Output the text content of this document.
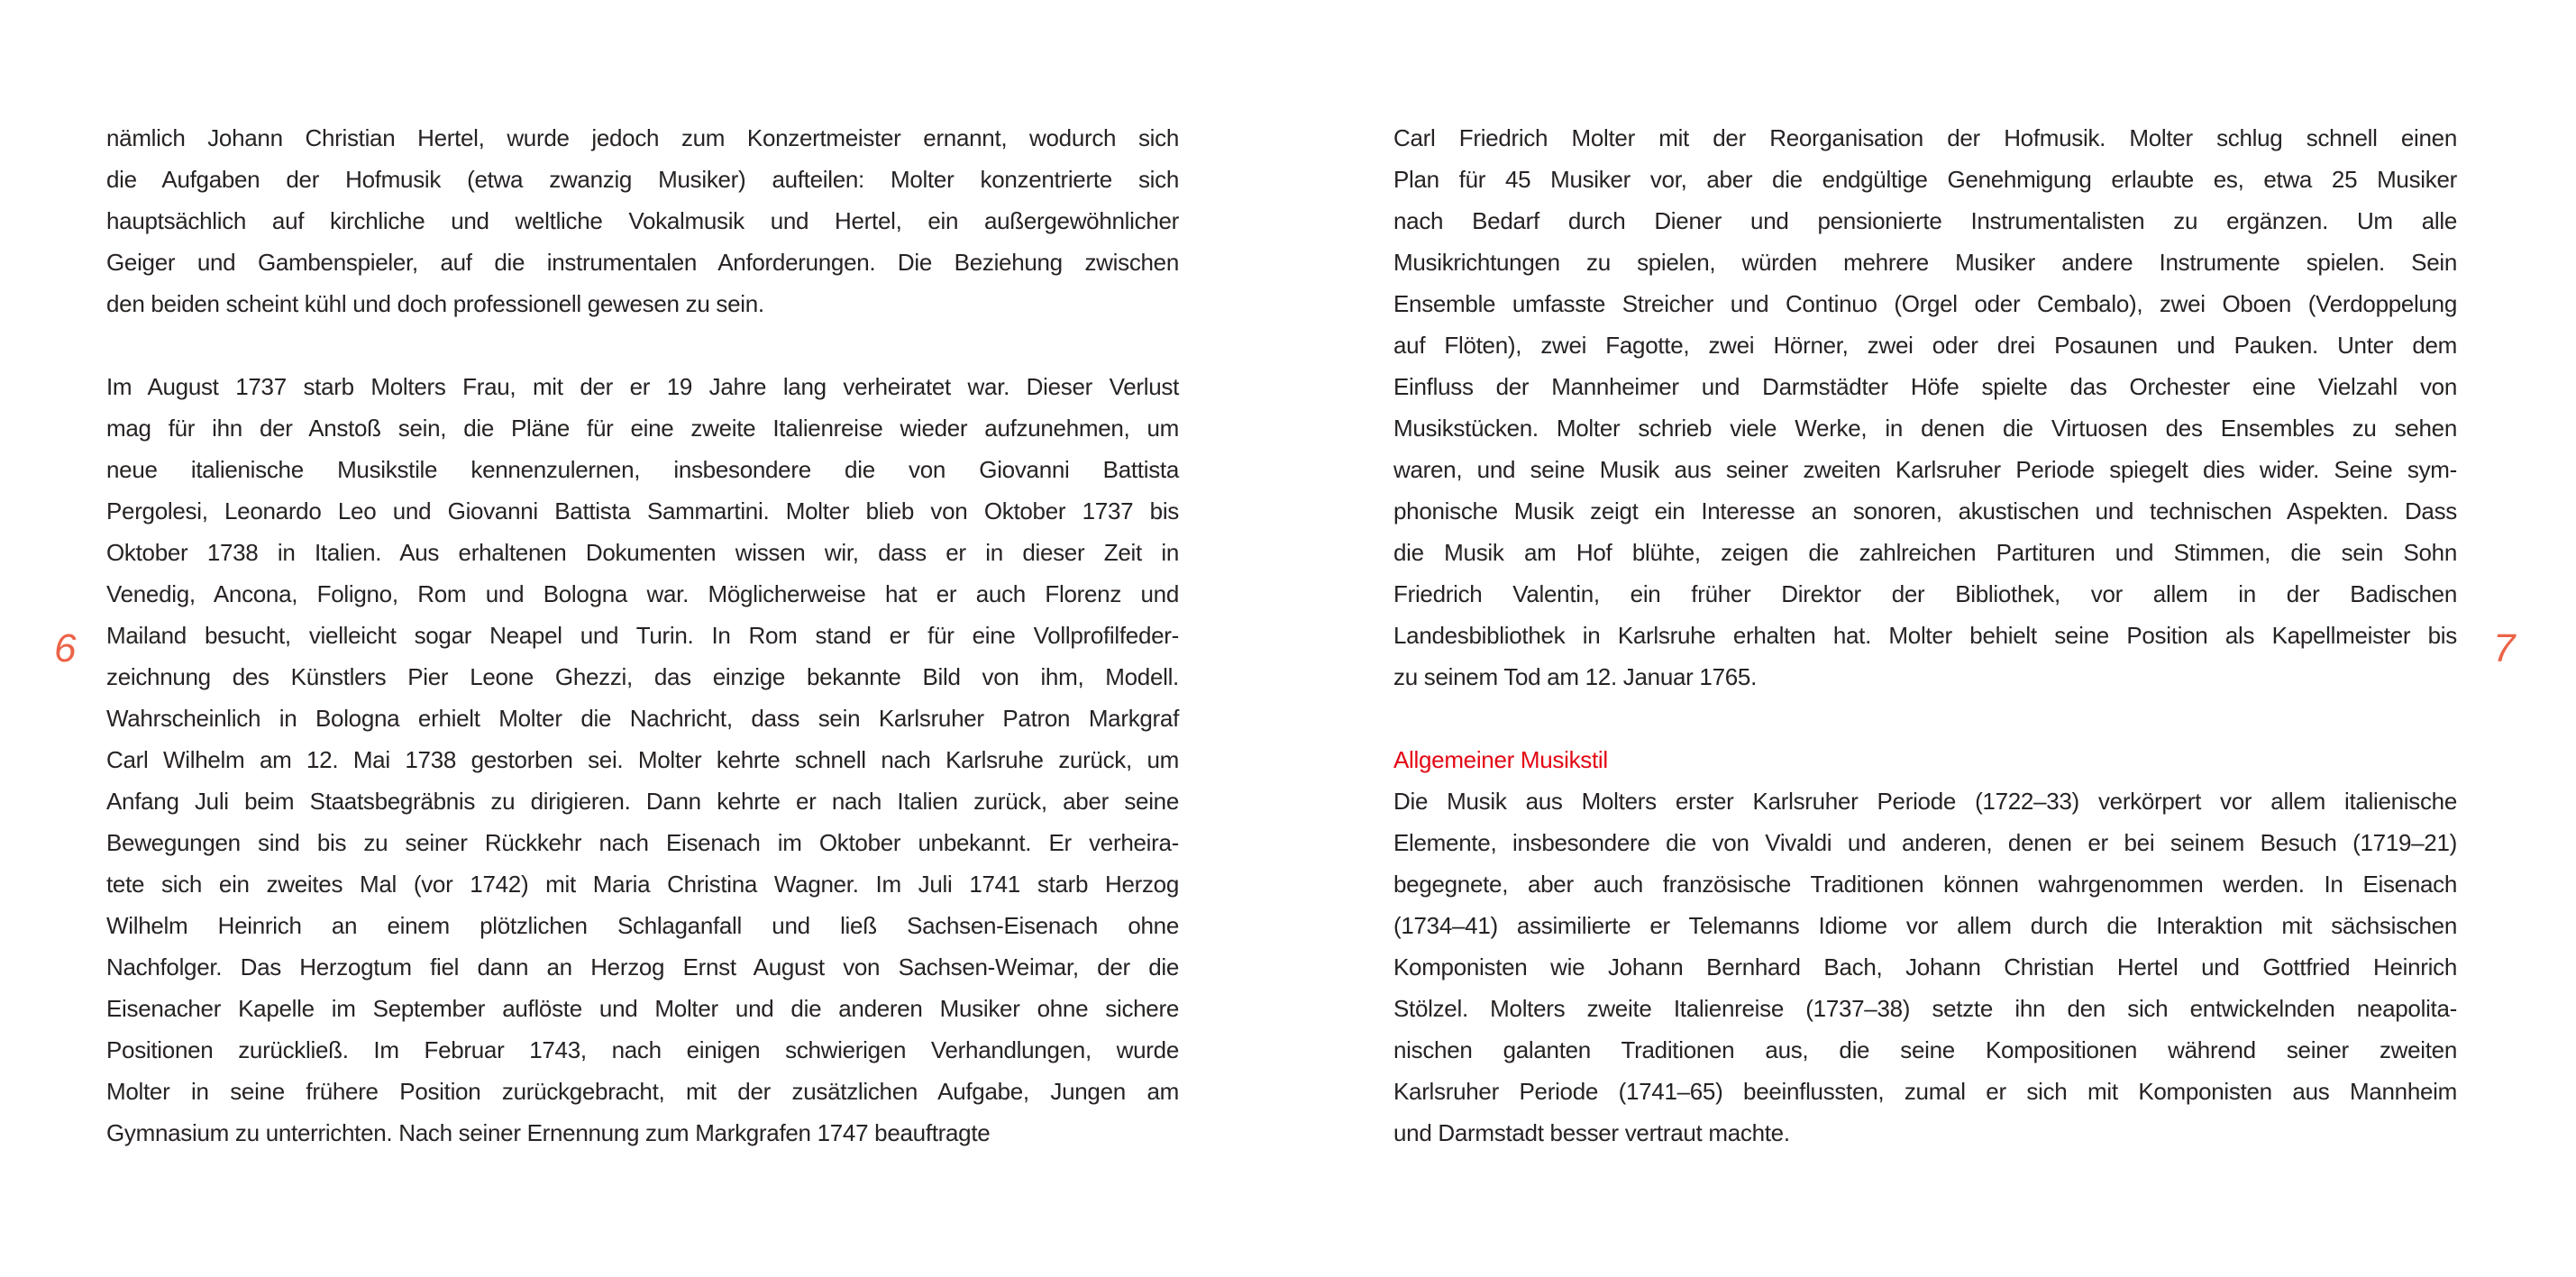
6
nämlich Johann Christian Hertel, wurde jedoch zum Konzertmeister ernannt, wodurch sich
die Aufgaben der Hofmusik (etwa zwanzig Musiker) aufteilen: Molter konzentrierte sich
hauptsächlich auf kirchliche und weltliche Vokalmusik und Hertel, ein außergewöhnlicher
Geiger und Gambenspieler, auf die instrumentalen Anforderungen. Die Beziehung zwischen
den beiden scheint kühl und doch professionell gewesen zu sein.
Im August 1737 starb Molters Frau, mit der er 19 Jahre lang verheiratet war. Dieser Verlust
mag für ihn der Anstoß sein, die Pläne für eine zweite Italienreise wieder aufzunehmen, um
neue italienische Musikstile kennenzulernen, insbesondere die von Giovanni Battista
Pergolesi, Leonardo Leo und Giovanni Battista Sammartini. Molter blieb von Oktober 1737 bis
Oktober 1738 in Italien. Aus erhaltenen Dokumenten wissen wir, dass er in dieser Zeit in
Venedig, Ancona, Foligno, Rom und Bologna war. Möglicherweise hat er auch Florenz und
Mailand besucht, vielleicht sogar Neapel und Turin. In Rom stand er für eine Vollprofilfeder-
zeichnung des Künstlers Pier Leone Ghezzi, das einzige bekannte Bild von ihm, Modell.
Wahrscheinlich in Bologna erhielt Molter die Nachricht, dass sein Karlsruher Patron Markgraf
Carl Wilhelm am 12. Mai 1738 gestorben sei. Molter kehrte schnell nach Karlsruhe zurück, um
Anfang Juli beim Staatsbegräbnis zu dirigieren. Dann kehrte er nach Italien zurück, aber seine
Bewegungen sind bis zu seiner Rückkehr nach Eisenach im Oktober unbekannt. Er verheira-
tete sich ein zweites Mal (vor 1742) mit Maria Christina Wagner. Im Juli 1741 starb Herzog
Wilhelm Heinrich an einem plötzlichen Schlaganfall und ließ Sachsen-Eisenach ohne
Nachfolger. Das Herzogtum fiel dann an Herzog Ernst August von Sachsen-Weimar, der die
Eisenacher Kapelle im September auflöste und Molter und die anderen Musiker ohne sichere
Positionen zurückließ. Im Februar 1743, nach einigen schwierigen Verhandlungen, wurde
Molter in seine frühere Position zurückgebracht, mit der zusätzlichen Aufgabe, Jungen am
Gymnasium zu unterrichten. Nach seiner Ernennung zum Markgrafen 1747 beauftragte
Carl Friedrich Molter mit der Reorganisation der Hofmusik. Molter schlug schnell einen
Plan für 45 Musiker vor, aber die endgültige Genehmigung erlaubte es, etwa 25 Musiker
nach Bedarf durch Diener und pensionierte Instrumentalisten zu ergänzen. Um alle
Musikrichtungen zu spielen, würden mehrere Musiker andere Instrumente spielen. Sein
Ensemble umfasste Streicher und Continuo (Orgel oder Cembalo), zwei Oboen (Verdoppelung
auf Flöten), zwei Fagotte, zwei Hörner, zwei oder drei Posaunen und Pauken. Unter dem
Einfluss der Mannheimer und Darmstädter Höfe spielte das Orchester eine Vielzahl von
Musikstücken. Molter schrieb viele Werke, in denen die Virtuosen des Ensembles zu sehen
waren, und seine Musik aus seiner zweiten Karlsruher Periode spiegelt dies wider. Seine sym-
phonische Musik zeigt ein Interesse an sonoren, akustischen und technischen Aspekten. Dass
die Musik am Hof blühte, zeigen die zahlreichen Partituren und Stimmen, die sein Sohn
Friedrich Valentin, ein früher Direktor der Bibliothek, vor allem in der Badischen
Landesbibliothek in Karlsruhe erhalten hat. Molter behielt seine Position als Kapellmeister bis
zu seinem Tod am 12. Januar 1765.
Allgemeiner Musikstil
Die Musik aus Molters erster Karlsruher Periode (1722–33) verkörpert vor allem italienische
Elemente, insbesondere die von Vivaldi und anderen, denen er bei seinem Besuch (1719–21)
begegnete, aber auch französische Traditionen können wahrgenommen werden. In Eisenach
(1734–41) assimilierte er Telemanns Idiome vor allem durch die Interaktion mit sächsischen
Komponisten wie Johann Bernhard Bach, Johann Christian Hertel und Gottfried Heinrich
Stölzel. Molters zweite Italienreise (1737–38) setzte ihn den sich entwickelnden neapolita-
nischen galanten Traditionen aus, die seine Kompositionen während seiner zweiten
Karlsruher Periode (1741–65) beeinflussten, zumal er sich mit Komponisten aus Mannheim
und Darmstadt besser vertraut machte.
7
